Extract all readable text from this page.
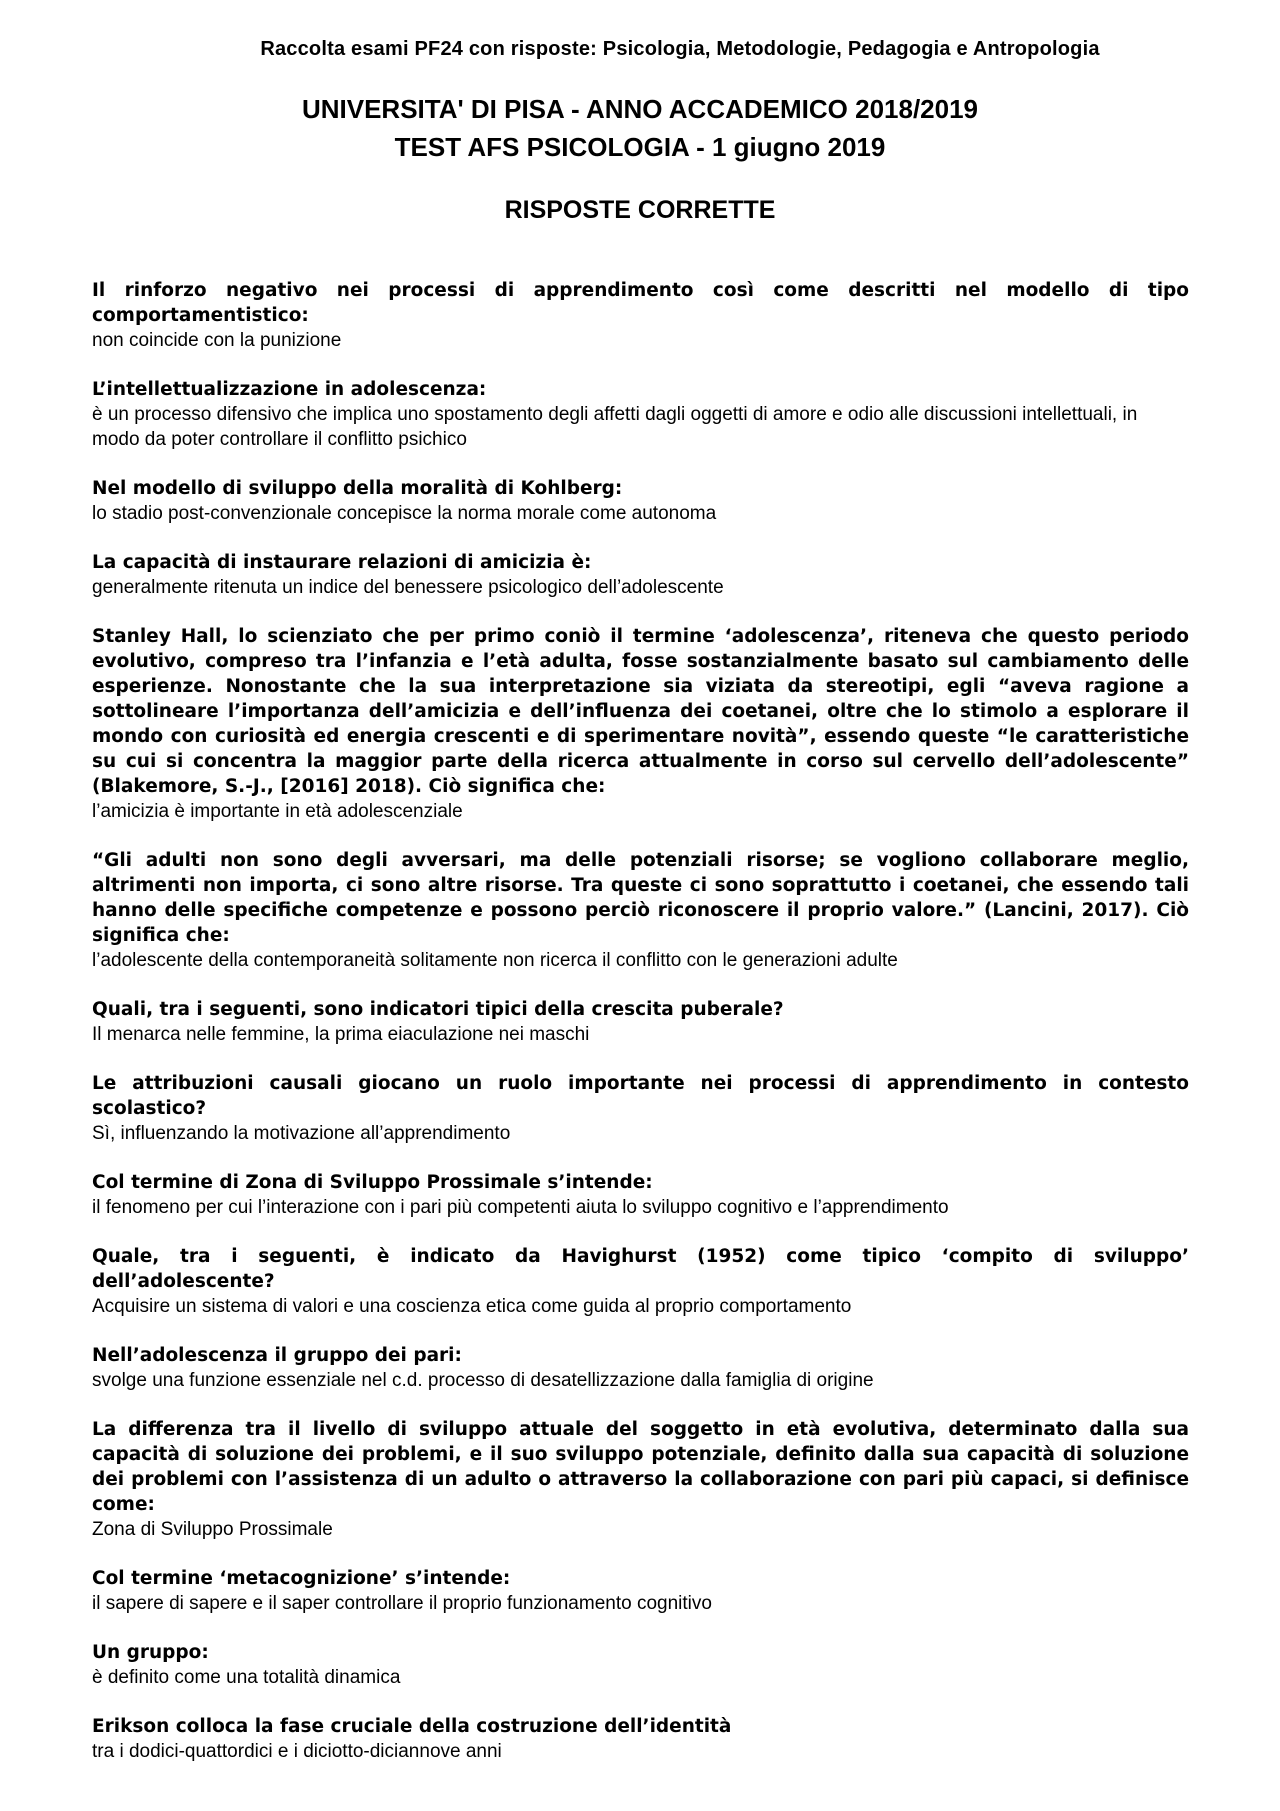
Raccolta esami PF24 con risposte: Psicologia, Metodologie, Pedagogia e Antropologia
UNIVERSITA' DI PISA - ANNO ACCADEMICO 2018/2019
TEST AFS PSICOLOGIA - 1 giugno 2019
RISPOSTE CORRETTE

Il rinforzo negativo nei processi di apprendimento così come descritti nel modello di tipo comportamentistico:

non coincide con la punizione

L’intellettualizzazione in adolescenza:

è un processo difensivo che implica uno spostamento degli affetti dagli oggetti di amore e odio alle discussioni intellettuali, in modo da poter controllare il conflitto psichico

Nel modello di sviluppo della moralità di Kohlberg:

lo stadio post-convenzionale concepisce la norma morale come autonoma

La capacità di instaurare relazioni di amicizia è:

generalmente ritenuta un indice del benessere psicologico dell’adolescente

Stanley Hall, lo scienziato che per primo coniò il termine ‘adolescenza’, riteneva che questo periodo evolutivo, compreso tra l’infanzia e l’età adulta, fosse sostanzialmente basato sul cambiamento delle esperienze. Nonostante che la sua interpretazione sia viziata da stereotipi, egli “aveva ragione a sottolineare l’importanza dell’amicizia e dell’influenza dei coetanei, oltre che lo stimolo a esplorare il mondo con curiosità ed energia crescenti e di sperimentare novità”, essendo queste “le caratteristiche su cui si concentra la maggior parte della ricerca attualmente in corso sul cervello dell’adolescente” (Blakemore, S.-J., [2016] 2018). Ciò significa che:

l’amicizia è importante in età adolescenziale

“Gli adulti non sono degli avversari, ma delle potenziali risorse; se vogliono collaborare meglio, altrimenti non importa, ci sono altre risorse. Tra queste ci sono soprattutto i coetanei, che essendo tali hanno delle specifiche competenze e possono perciò riconoscere il proprio valore.” (Lancini, 2017). Ciò significa che:

l’adolescente della contemporaneità solitamente non ricerca il conflitto con le generazioni adulte

Quali, tra i seguenti, sono indicatori tipici della crescita puberale?

Il menarca nelle femmine, la prima eiaculazione nei maschi

Le attribuzioni causali giocano un ruolo importante nei processi di apprendimento in contesto scolastico?

Sì, influenzando la motivazione all’apprendimento

Col termine di Zona di Sviluppo Prossimale s’intende:

il fenomeno per cui l’interazione con i pari più competenti aiuta lo sviluppo cognitivo e l’apprendimento

Quale, tra i seguenti, è indicato da Havighurst (1952) come tipico ‘compito di sviluppo’ dell’adolescente?

Acquisire un sistema di valori e una coscienza etica come guida al proprio comportamento

Nell’adolescenza il gruppo dei pari:

svolge una funzione essenziale nel c.d. processo di desatellizzazione dalla famiglia di origine

La differenza tra il livello di sviluppo attuale del soggetto in età evolutiva, determinato dalla sua capacità di soluzione dei problemi, e il suo sviluppo potenziale, definito dalla sua capacità di soluzione dei problemi con l’assistenza di un adulto o attraverso la collaborazione con pari più capaci, si definisce come:

Zona di Sviluppo Prossimale

Col termine ‘metacognizione’ s’intende:

il sapere di sapere e il saper controllare il proprio funzionamento cognitivo

Un gruppo:

è definito come una totalità dinamica

Erikson colloca la fase cruciale della costruzione dell’identità

tra i dodici-quattordici e i diciotto-diciannove anni
